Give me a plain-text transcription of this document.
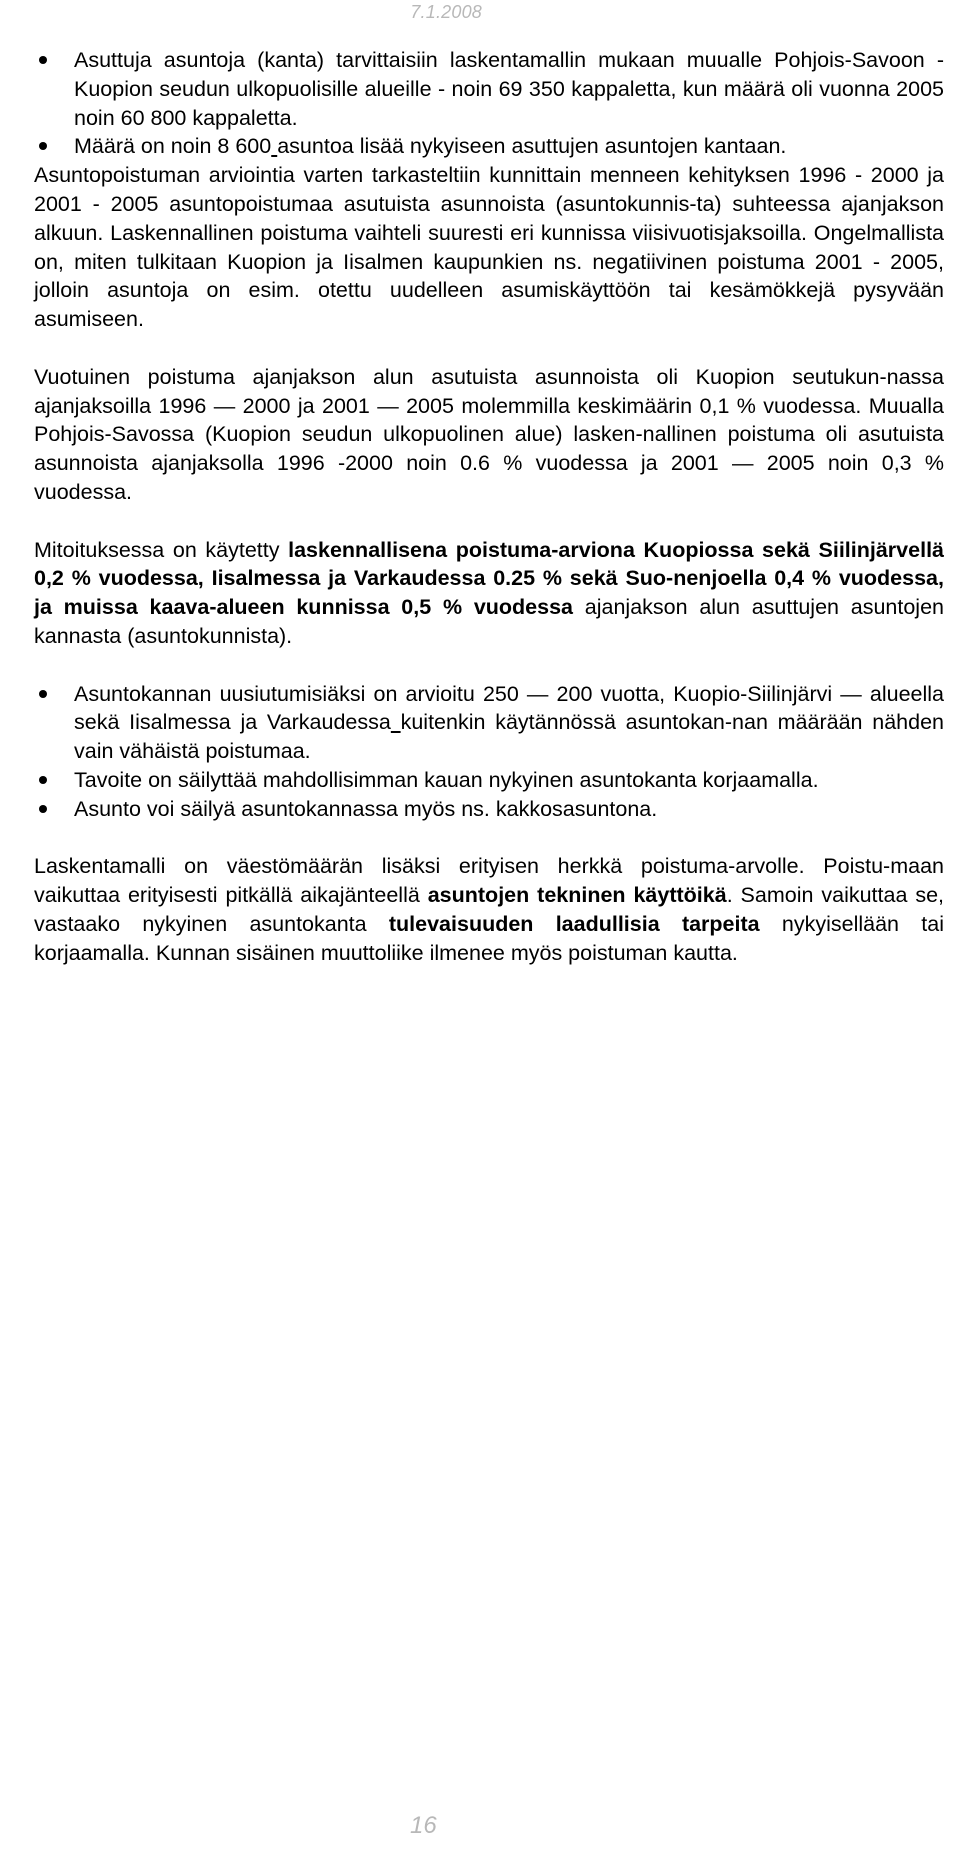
7.1.2008
Asuttuja asuntoja (kanta) tarvittaisiin laskentamallin mukaan muualle Pohjois-Savoon - Kuopion seudun ulkopuolisille alueille - noin 69 350 kappaletta, kun määrä oli vuonna 2005 noin 60 800 kappaletta.
Määrä on noin 8 600 asuntoa lisää nykyiseen asuttujen asuntojen kantaan.

Asuntopoistuman arviointia varten tarkasteltiin kunnittain menneen kehityksen 1996 - 2000 ja 2001 - 2005 asuntopoistumaa asutuista asunnoista (asuntokunnis-ta) suhteessa ajanjakson alkuun. Laskennallinen poistuma vaihteli suuresti eri kunnissa viisivuotisjaksoilla. Ongelmallista on, miten tulkitaan Kuopion ja Iisalmen kaupunkien ns. negatiivinen poistuma 2001 - 2005, jolloin asuntoja on esim. otettu uudelleen asumiskäyttöön tai kesämökkejä pysyvään asumiseen.

Vuotuinen poistuma ajanjakson alun asutuista asunnoista oli Kuopion seutukun-nassa ajanjaksoilla 1996 — 2000 ja 2001 — 2005 molemmilla keskimäärin 0,1 % vuodessa. Muualla Pohjois-Savossa (Kuopion seudun ulkopuolinen alue) lasken-nallinen poistuma oli asutuista asunnoista ajanjaksolla 1996 -2000 noin 0.6 % vuodessa ja 2001 — 2005 noin 0,3 % vuodessa.

Mitoituksessa on käytetty laskennallisena poistuma-arviona Kuopiossa sekä Siilinjärvellä 0,2 % vuodessa, Iisalmessa ja Varkaudessa 0.25 % sekä Suo-nenjoella 0,4 % vuodessa, ja muissa kaava-alueen kunnissa 0,5 % vuodessa ajanjakson alun asuttujen asuntojen kannasta (asuntokunnista).

Asuntokannan uusiutumisiäksi on arvioitu 250 — 200 vuotta, Kuopio-Siilinjärvi — alueella sekä Iisalmessa ja Varkaudessa kuitenkin käytännössä asuntokan-nan määrään nähden vain vähäistä poistumaa.
Tavoite on säilyttää mahdollisimman kauan nykyinen asuntokanta korjaamalla.
Asunto voi säilyä asuntokannassa myös ns. kakkosasuntona.

Laskentamalli on väestömäärän lisäksi erityisen herkkä poistuma-arvolle. Poistu-maan vaikuttaa erityisesti pitkällä aikajänteellä asuntojen tekninen käyttöikä. Samoin vaikuttaa se, vastaako nykyinen asuntokanta tulevaisuuden laadullisia tarpeita nykyisellään tai korjaamalla. Kunnan sisäinen muuttoliike ilmenee myös poistuman kautta.

16
